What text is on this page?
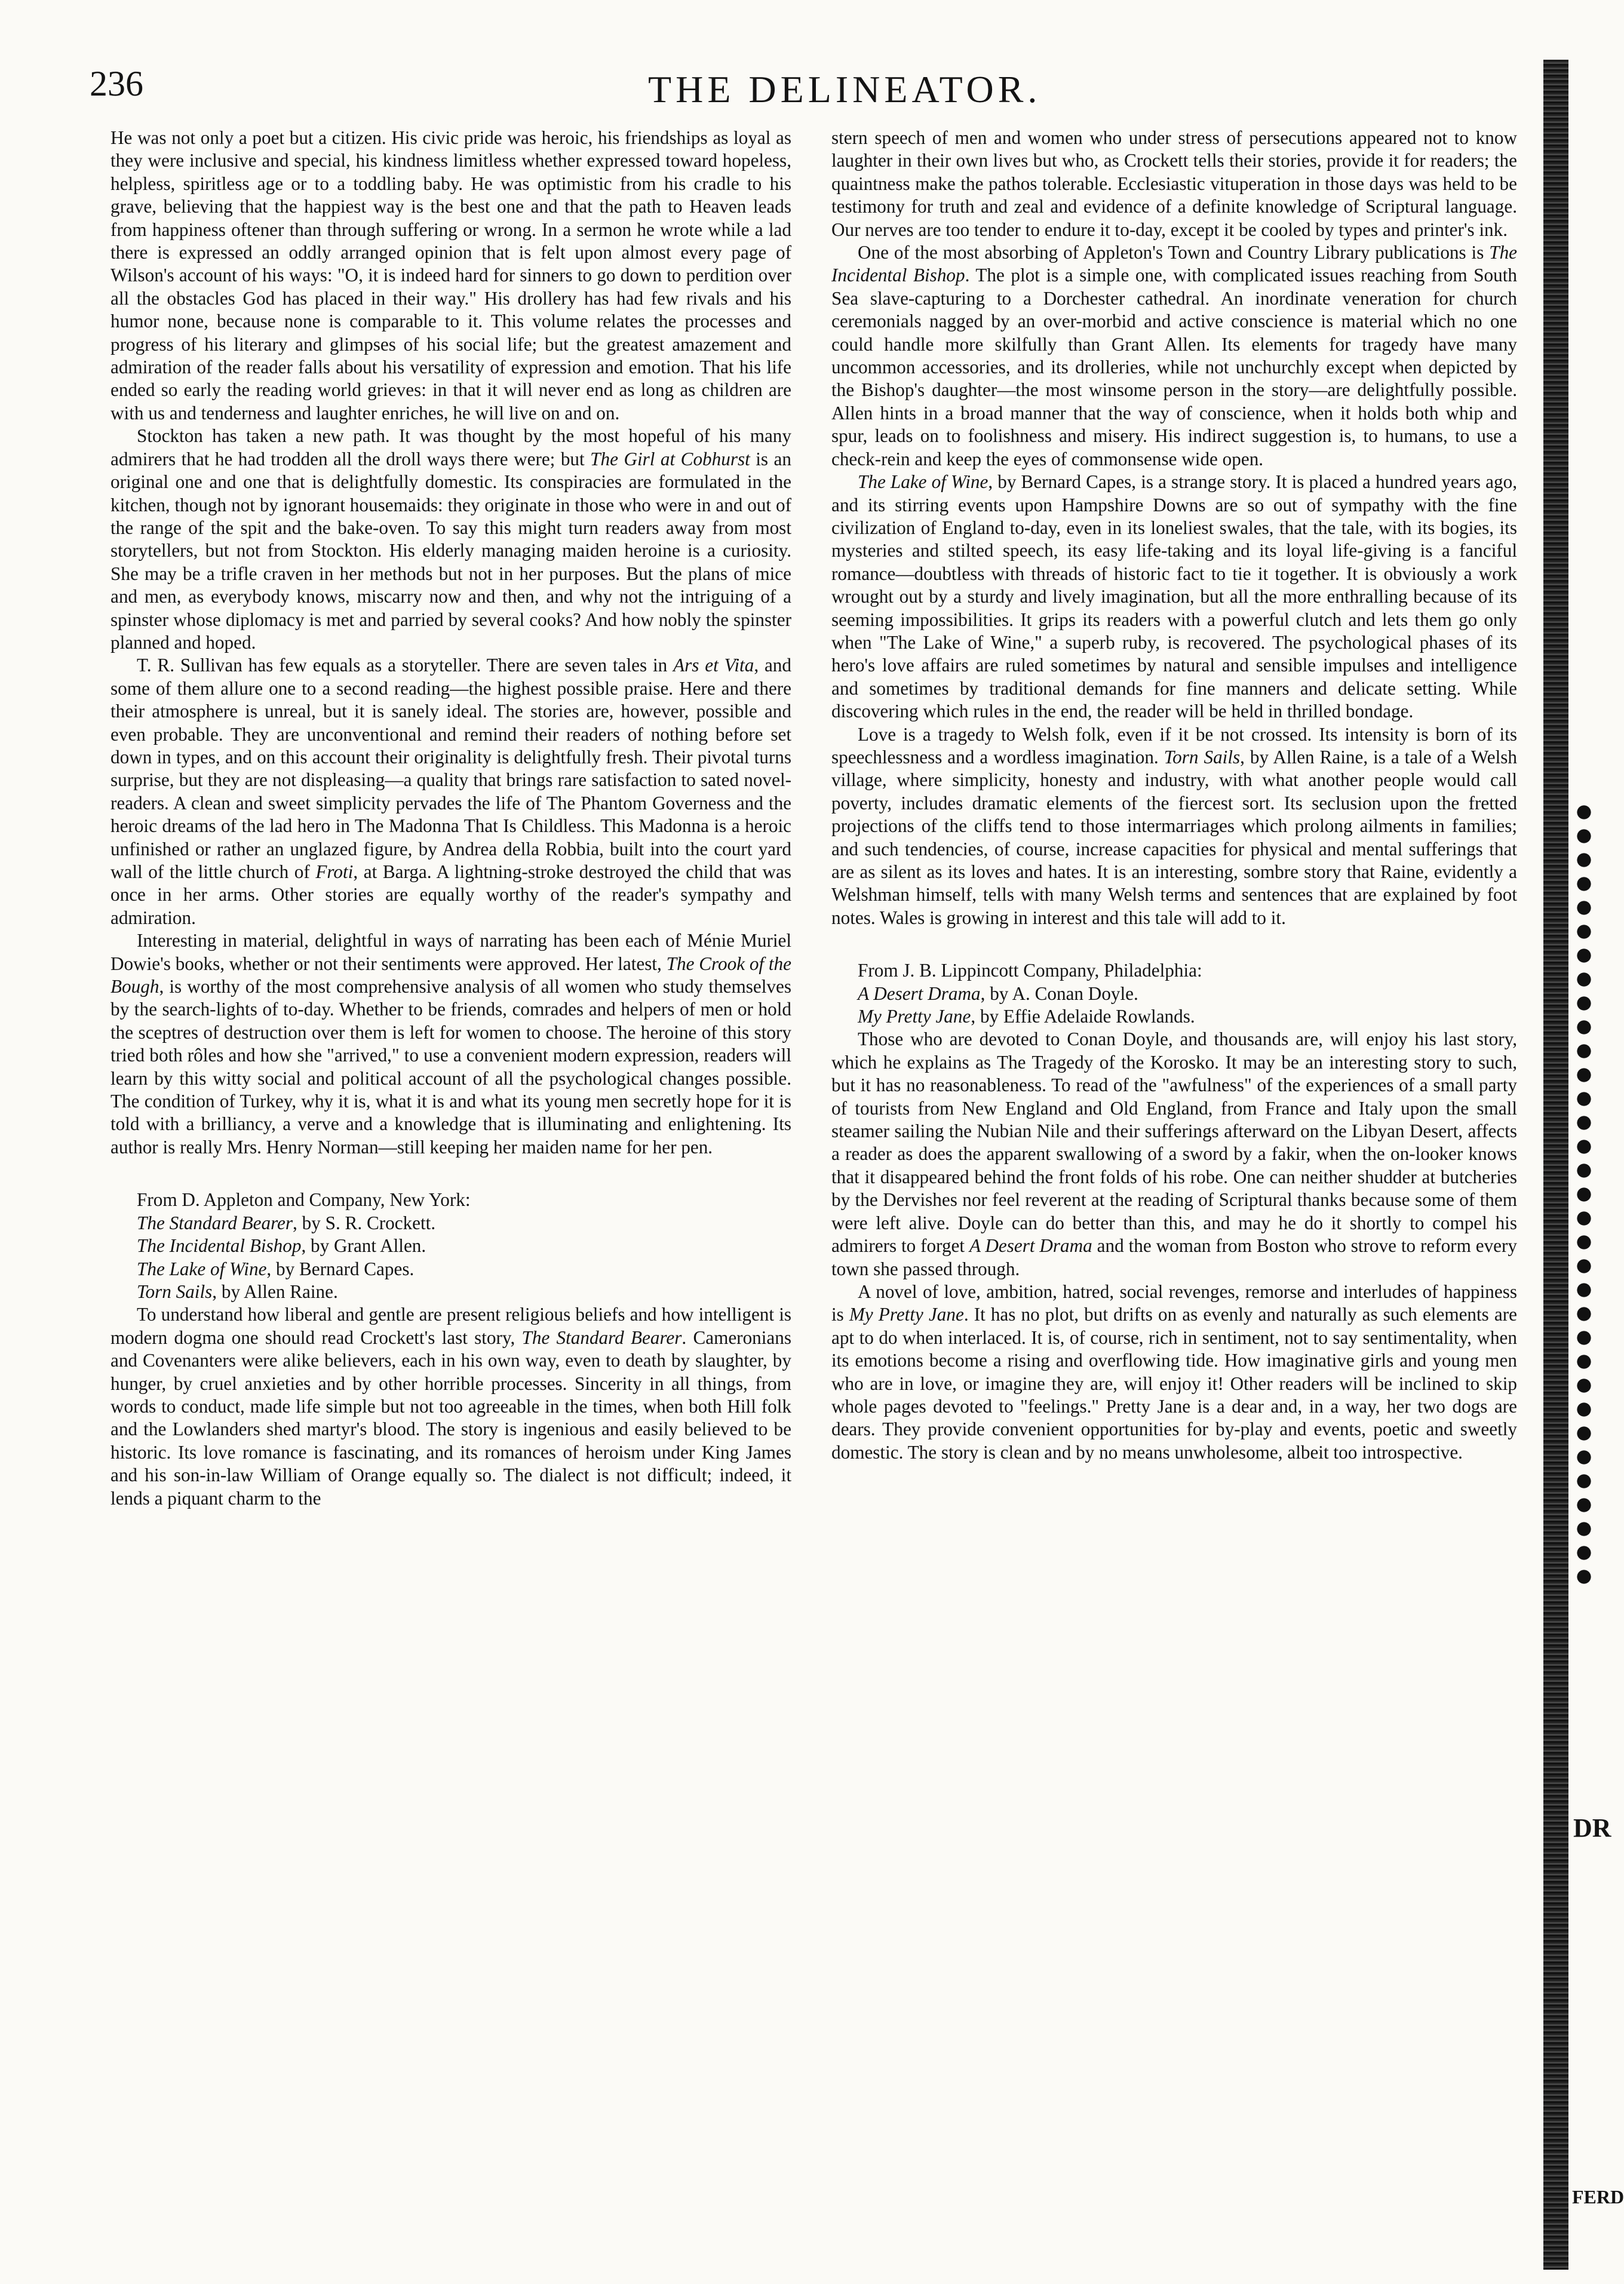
236	THE DELINEATOR.

He was not only a poet but a citizen. His civic pride was heroic, his friendships as loyal as they were inclusive and special, his kindness limitless whether expressed toward hopeless, helpless, spiritless age or to a toddling baby. He was optimistic from his cradle to his grave, believing that the happiest way is the best one and that the path to Heaven leads from happiness oftener than through suffering or wrong. In a sermon he wrote while a lad there is expressed an oddly arranged opinion that is felt upon almost every page of Wilson's account of his ways: "O, it is indeed hard for sinners to go down to perdition over all the obstacles God has placed in their way." His drollery has had few rivals and his humor none, because none is comparable to it. This volume relates the processes and progress of his literary and glimpses of his social life; but the greatest amazement and admiration of the reader falls about his versatility of expression and emotion. That his life ended so early the reading world grieves: in that it will never end as long as children are with us and tenderness and laughter enriches, he will live on and on.

Stockton has taken a new path. It was thought by the most hopeful of his many admirers that he had trodden all the droll ways there were; but The Girl at Cobhurst is an original one and one that is delightfully domestic. Its conspiracies are formulated in the kitchen, though not by ignorant housemaids: they originate in those who were in and out of the range of the spit and the bake-oven. To say this might turn readers away from most storytellers, but not from Stockton. His elderly managing maiden heroine is a curiosity. She may be a trifle craven in her methods but not in her purposes. But the plans of mice and men, as everybody knows, miscarry now and then, and why not the intriguing of a spinster whose diplomacy is met and parried by several cooks? And how nobly the spinster planned and hoped.

T. R. Sullivan has few equals as a storyteller. There are seven tales in Ars et Vita, and some of them allure one to a second reading—the highest possible praise. Here and there their atmosphere is unreal, but it is sanely ideal. The stories are, however, possible and even probable. They are unconventional and remind their readers of nothing before set down in types, and on this account their originality is delightfully fresh. Their pivotal turns surprise, but they are not displeasing—a quality that brings rare satisfaction to sated novel-readers. A clean and sweet simplicity pervades the life of The Phantom Governess and the heroic dreams of the lad hero in The Madonna That Is Childless. This Madonna is a heroic unfinished or rather an unglazed figure, by Andrea della Robbia, built into the court yard wall of the little church of Froti, at Barga. A lightning-stroke destroyed the child that was once in her arms. Other stories are equally worthy of the reader's sympathy and admiration.

Interesting in material, delightful in ways of narrating has been each of Ménie Muriel Dowie's books, whether or not their sentiments were approved. Her latest, The Crook of the Bough, is worthy of the most comprehensive analysis of all women who study themselves by the search-lights of to-day. Whether to be friends, comrades and helpers of men or hold the sceptres of destruction over them is left for women to choose. The heroine of this story tried both rôles and how she "arrived," to use a convenient modern expression, readers will learn by this witty social and political account of all the psychological changes possible. The condition of Turkey, why it is, what it is and what its young men secretly hope for it is told with a brilliancy, a verve and a knowledge that is illuminating and enlightening. Its author is really Mrs. Henry Norman—still keeping her maiden name for her pen.

From D. Appleton and Company, New York:
The Standard Bearer, by S. R. Crockett.
The Incidental Bishop, by Grant Allen.
The Lake of Wine, by Bernard Capes.
Torn Sails, by Allen Raine.

To understand how liberal and gentle are present religious beliefs and how intelligent is modern dogma one should read Crockett's last story, The Standard Bearer. Cameronians and Covenanters were alike believers, each in his own way, even to death by slaughter, by hunger, by cruel anxieties and by other horrible processes. Sincerity in all things, from words to conduct, made life simple but not too agreeable in the times, when both Hill folk and the Lowlanders shed martyr's blood. The story is ingenious and easily believed to be historic. Its love romance is fascinating, and its romances of heroism under King James and his son-in-law William of Orange equally so. The dialect is not difficult; indeed, it lends a piquant charm to the

stern speech of men and women who under stress of persecutions appeared not to know laughter in their own lives but who, as Crockett tells their stories, provide it for readers; the quaintness make the pathos tolerable. Ecclesiastic vituperation in those days was held to be testimony for truth and zeal and evidence of a definite knowledge of Scriptural language. Our nerves are too tender to endure it to-day, except it be cooled by types and printer's ink.

One of the most absorbing of Appleton's Town and Country Library publications is The Incidental Bishop. The plot is a simple one, with complicated issues reaching from South Sea slave-capturing to a Dorchester cathedral. An inordinate veneration for church ceremonials nagged by an over-morbid and active conscience is material which no one could handle more skilfully than Grant Allen. Its elements for tragedy have many uncommon accessories, and its drolleries, while not unchurchly except when depicted by the Bishop's daughter—the most winsome person in the story—are delightfully possible. Allen hints in a broad manner that the way of conscience, when it holds both whip and spur, leads on to foolishness and misery. His indirect suggestion is, to humans, to use a check-rein and keep the eyes of commonsense wide open.

The Lake of Wine, by Bernard Capes, is a strange story. It is placed a hundred years ago, and its stirring events upon Hampshire Downs are so out of sympathy with the fine civilization of England to-day, even in its loneliest swales, that the tale, with its bogies, its mysteries and stilted speech, its easy life-taking and its loyal life-giving is a fanciful romance—doubtless with threads of historic fact to tie it together. It is obviously a work wrought out by a sturdy and lively imagination, but all the more enthralling because of its seeming impossibilities. It grips its readers with a powerful clutch and lets them go only when "The Lake of Wine," a superb ruby, is recovered. The psychological phases of its hero's love affairs are ruled sometimes by natural and sensible impulses and intelligence and sometimes by traditional demands for fine manners and delicate setting. While discovering which rules in the end, the reader will be held in thrilled bondage.

Love is a tragedy to Welsh folk, even if it be not crossed. Its intensity is born of its speechlessness and a wordless imagination. Torn Sails, by Allen Raine, is a tale of a Welsh village, where simplicity, honesty and industry, with what another people would call poverty, includes dramatic elements of the fiercest sort. Its seclusion upon the fretted projections of the cliffs tend to those intermarriages which prolong ailments in families; and such tendencies, of course, increase capacities for physical and mental sufferings that are as silent as its loves and hates. It is an interesting, sombre story that Raine, evidently a Welshman himself, tells with many Welsh terms and sentences that are explained by foot notes. Wales is growing in interest and this tale will add to it.

From J. B. Lippincott Company, Philadelphia:
A Desert Drama, by A. Conan Doyle.
My Pretty Jane, by Effie Adelaide Rowlands.

Those who are devoted to Conan Doyle, and thousands are, will enjoy his last story, which he explains as The Tragedy of the Korosko. It may be an interesting story to such, but it has no reasonableness. To read of the "awfulness" of the experiences of a small party of tourists from New England and Old England, from France and Italy upon the small steamer sailing the Nubian Nile and their sufferings afterward on the Libyan Desert, affects a reader as does the apparent swallowing of a sword by a fakir, when the on-looker knows that it disappeared behind the front folds of his robe. One can neither shudder at butcheries by the Dervishes nor feel reverent at the reading of Scriptural thanks because some of them were left alive. Doyle can do better than this, and may he do it shortly to compel his admirers to forget A Desert Drama and the woman from Boston who strove to reform every town she passed through.

A novel of love, ambition, hatred, social revenges, remorse and interludes of happiness is My Pretty Jane. It has no plot, but drifts on as evenly and naturally as such elements are apt to do when interlaced. It is, of course, rich in sentiment, not to say sentimentality, when its emotions become a rising and overflowing tide. How imaginative girls and young men who are in love, or imagine they are, will enjoy it! Other readers will be inclined to skip whole pages devoted to "feelings." Pretty Jane is a dear and, in a way, her two dogs are dears. They provide convenient opportunities for by-play and events, poetic and sweetly domestic. The story is clean and by no means unwholesome, albeit too introspective.

DR
FERD
